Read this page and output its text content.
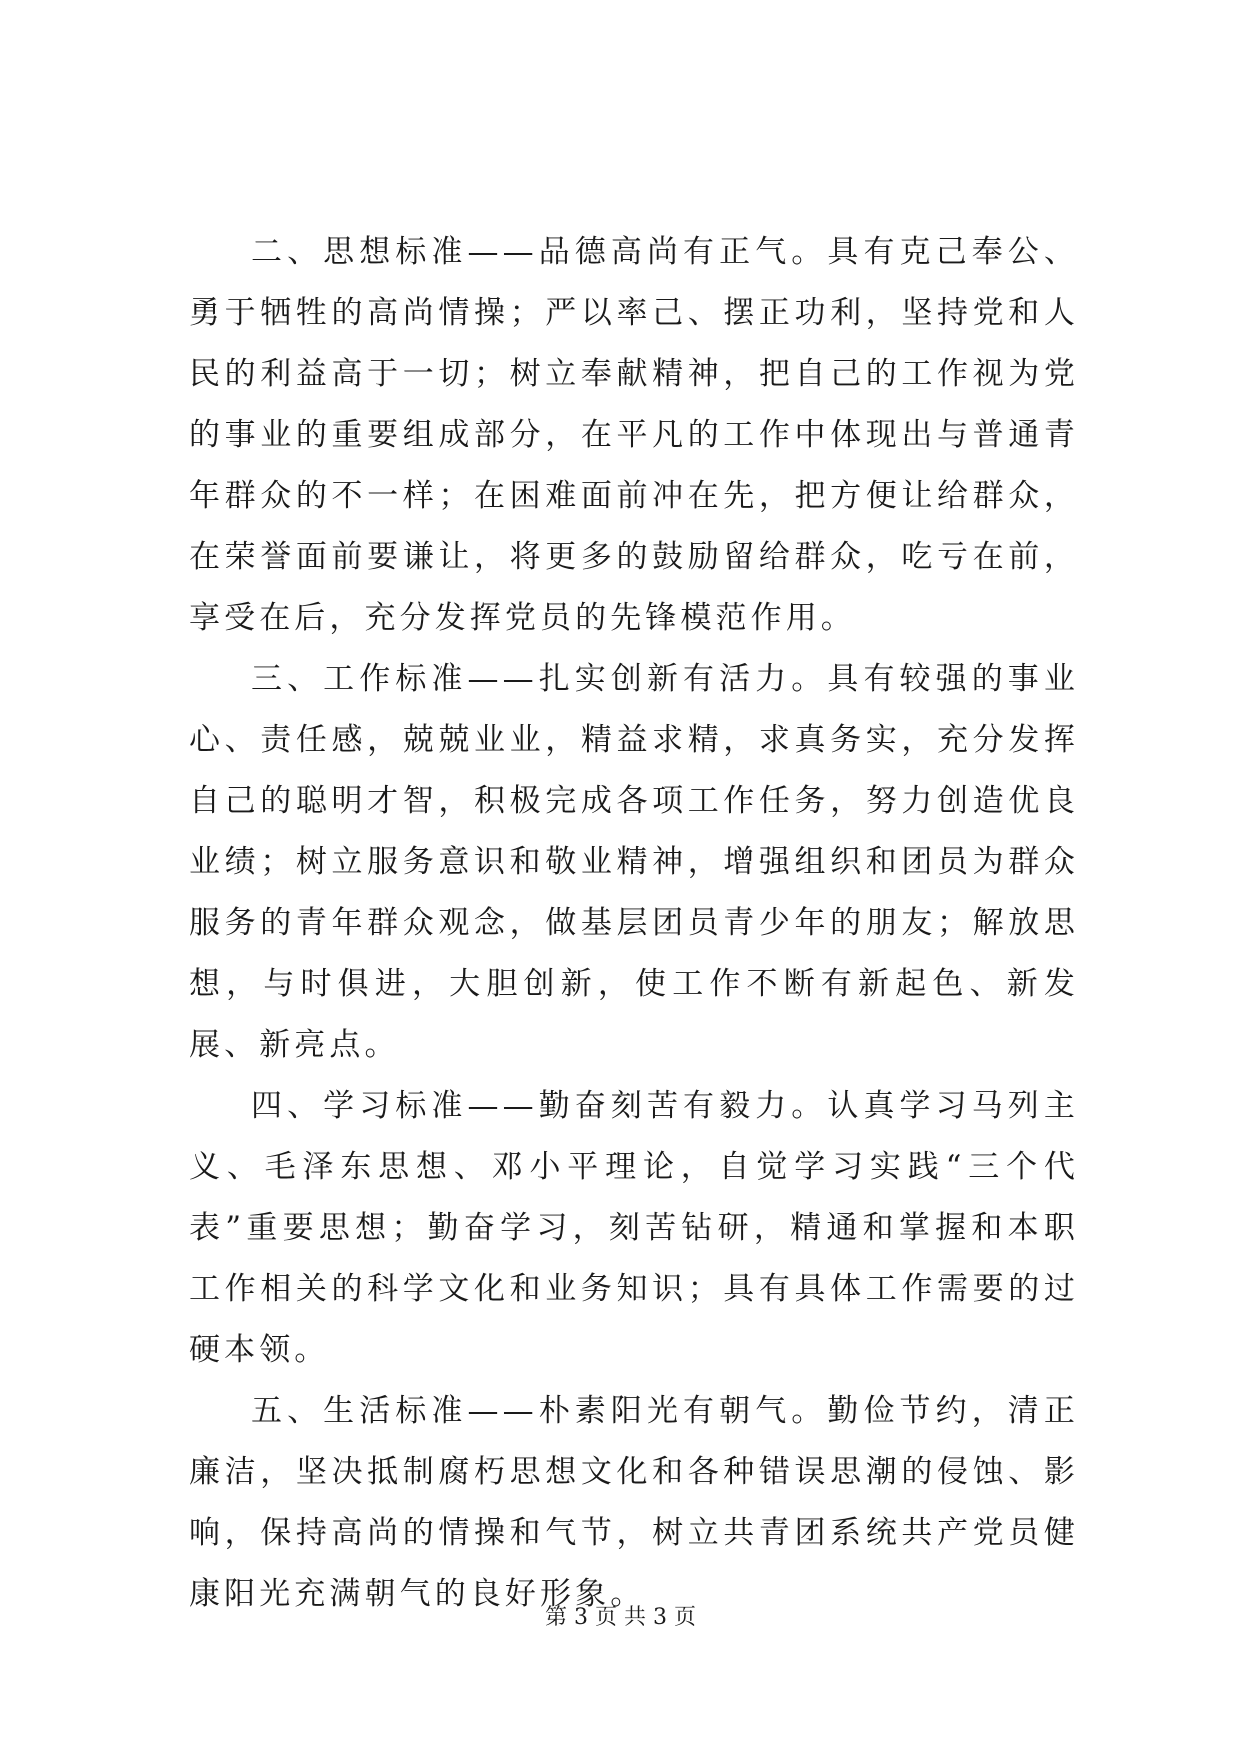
二、思想标准——品德高尚有正气。具有克己奉公、勇于牺牲的高尚情操；严以率己、摆正功利，坚持党和人民的利益高于一切；树立奉献精神，把自己的工作视为党的事业的重要组成部分，在平凡的工作中体现出与普通青年群众的不一样；在困难面前冲在先，把方便让给群众，在荣誉面前要谦让，将更多的鼓励留给群众，吃亏在前，享受在后，充分发挥党员的先锋模范作用。

三、工作标准——扎实创新有活力。具有较强的事业心、责任感，兢兢业业，精益求精，求真务实，充分发挥自己的聪明才智，积极完成各项工作任务，努力创造优良业绩；树立服务意识和敬业精神，增强组织和团员为群众服务的青年群众观念，做基层团员青少年的朋友；解放思想，与时俱进，大胆创新，使工作不断有新起色、新发展、新亮点。

四、学习标准——勤奋刻苦有毅力。认真学习马列主义、毛泽东思想、邓小平理论，自觉学习实践“三个代表”重要思想；勤奋学习，刻苦钻研，精通和掌握和本职工作相关的科学文化和业务知识；具有具体工作需要的过硬本领。

五、生活标准——朴素阳光有朝气。勤俭节约，清正廉洁，坚决抵制腐朽思想文化和各种错误思潮的侵蚀、影响，保持高尚的情操和气节，树立共青团系统共产党员健康阳光充满朝气的良好形象。

第 3 页 共 3 页
